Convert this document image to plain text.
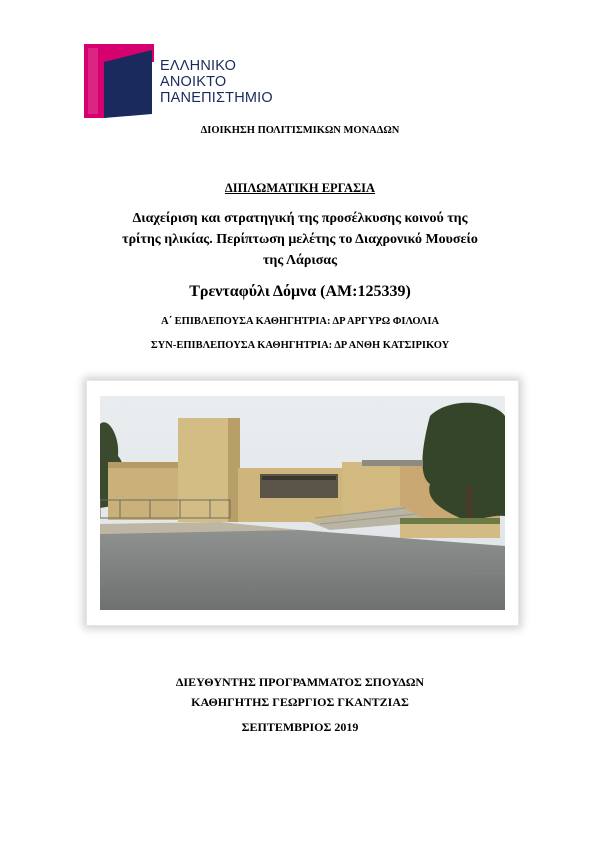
ΕΛΛΗΝΙΚΟ
ΑΝΟΙΚΤΟ
ΠΑΝΕΠΙΣΤΗΜΙΟ
ΔΙΟΙΚΗΣΗ ΠΟΛΙΤΙΣΜΙΚΩΝ ΜΟΝΑΔΩΝ
ΔΙΠΛΩΜΑΤΙΚΗ ΕΡΓΑΣΙΑ
Διαχείριση και στρατηγική της προσέλκυσης κοινού της
τρίτης ηλικίας. Περίπτωση μελέτης το Διαχρονικό Μουσείο
της Λάρισας
Τρενταφύλι Δόμνα (ΑΜ:125339)
Α΄ ΕΠΙΒΛΕΠΟΥΣΑ ΚΑΘΗΓΗΤΡΙΑ: ΔΡ ΑΡΓΥΡΩ ΦΙΛΟΛΙΑ
ΣΥΝ-ΕΠΙΒΛΕΠΟΥΣΑ ΚΑΘΗΓΗΤΡΙΑ: ΔΡ ΑΝΘΗ ΚΑΤΣΙΡΙΚΟΥ
ΔΙΕΥΘΥΝΤΗΣ ΠΡΟΓΡΑΜΜΑΤΟΣ ΣΠΟΥΔΩΝ
ΚΑΘΗΓΗΤΗΣ ΓΕΩΡΓΙΟΣ ΓΚΑΝΤΖΙΑΣ
ΣΕΠΤΕΜΒΡΙΟΣ 2019
